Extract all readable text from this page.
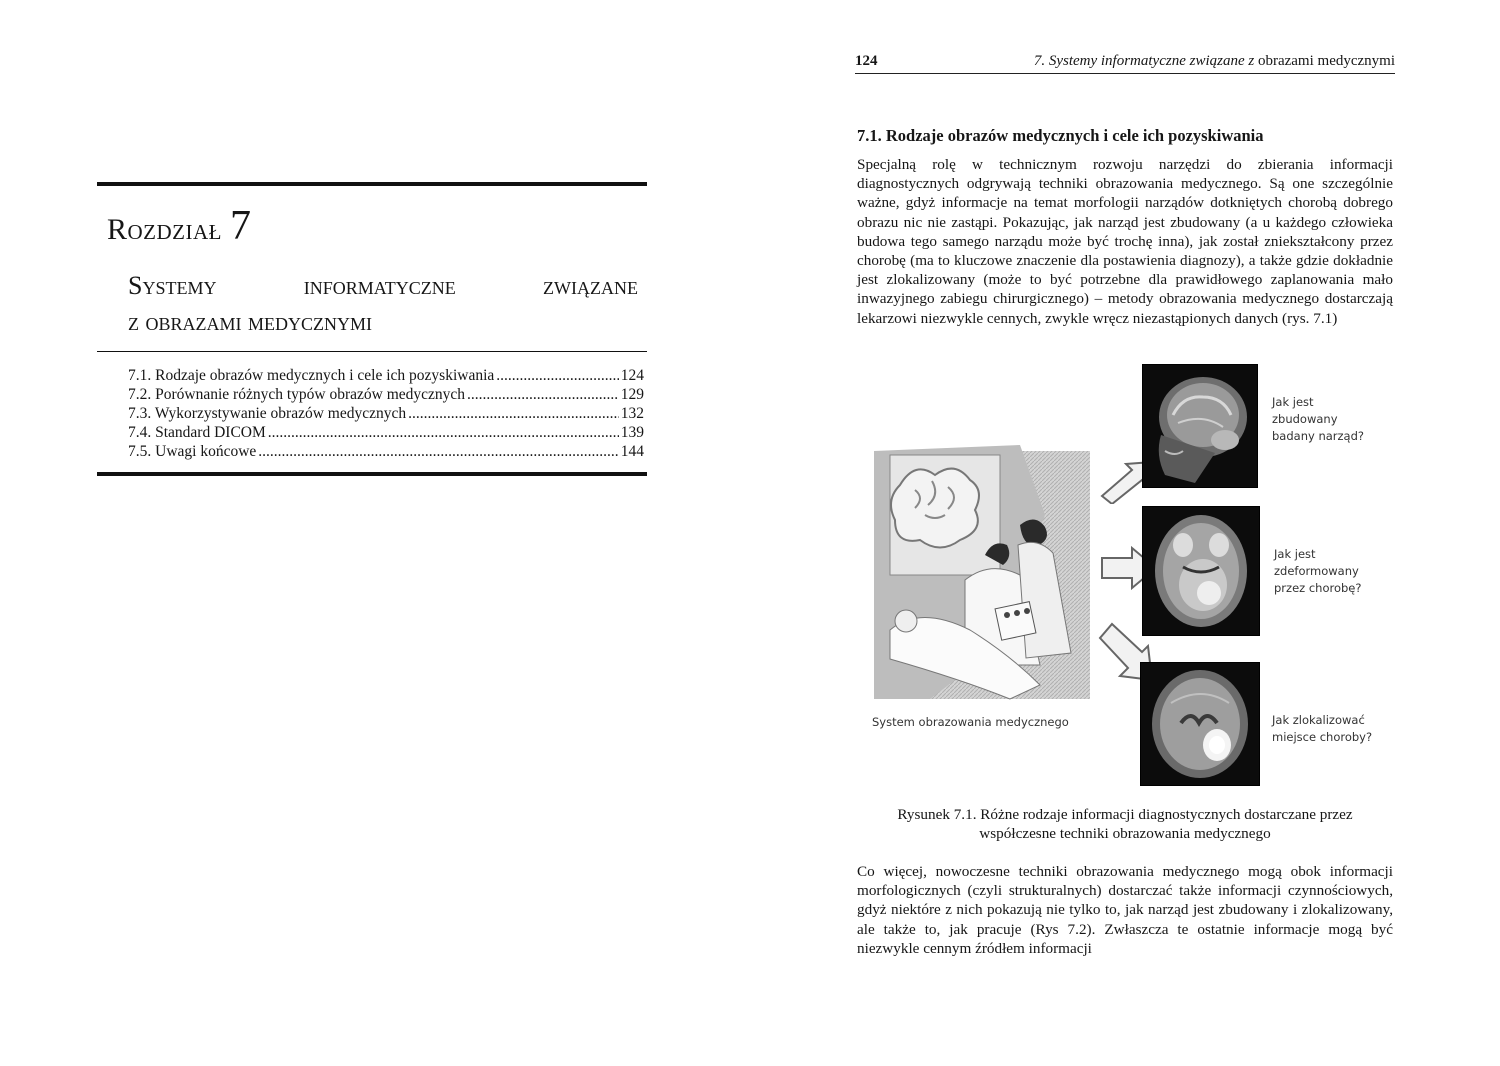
Rozdział 7
Systemy	informatyczne	związane
z obrazami medycznymi
7.1. Rodzaje obrazów medycznych i cele ich pozyskiwania .....	124
7.2. Porównanie różnych typów obrazów medycznych .....	129
7.3. Wykorzystywanie obrazów medycznych .....	132
7.4. Standard DICOM .....	139
7.5. Uwagi końcowe .....	144
124	7. Systemy informatyczne związane z obrazami medycznymi
7.1. Rodzaje obrazów medycznych i cele ich pozyskiwania

Specjalną rolę w technicznym rozwoju narzędzi do zbierania informacji diagnostycznych odgrywają techniki obrazowania medycznego. Są one szczególnie ważne, gdyż informacje na temat morfologii narządów dotkniętych chorobą dobrego obrazu nic nie zastąpi. Pokazując, jak narząd jest zbudowany (a u każdego człowieka budowa tego samego narządu może być trochę inna), jak został zniekształcony przez chorobę (ma to kluczowe znaczenie dla postawienia diagnozy), a także gdzie dokładnie jest zlokalizowany (może to być potrzebne dla prawidłowego zaplanowania mało inwazyjnego zabiegu chirurgicznego) – metody obrazowania medycznego dostarczają lekarzowi niezwykle cennych, zwykle wręcz niezastąpionych danych (rys. 7.1)

Jak jest
zbudowany
badany narząd?
Jak jest
zdeformowany
przez chorobę?
Jak zlokalizować
miejsce choroby?
System obrazowania medycznego
Rysunek 7.1. Różne rodzaje informacji diagnostycznych dostarczane przez
współczesne techniki obrazowania medycznego

Co więcej, nowoczesne techniki obrazowania medycznego mogą obok informacji morfologicznych (czyli strukturalnych) dostarczać także informacji czynnościowych, gdyż niektóre z nich pokazują nie tylko to, jak narząd jest zbudowany i zlokalizowany, ale także to, jak pracuje (Rys 7.2). Zwłaszcza te ostatnie informacje mogą być niezwykle cennym źródłem informacji
